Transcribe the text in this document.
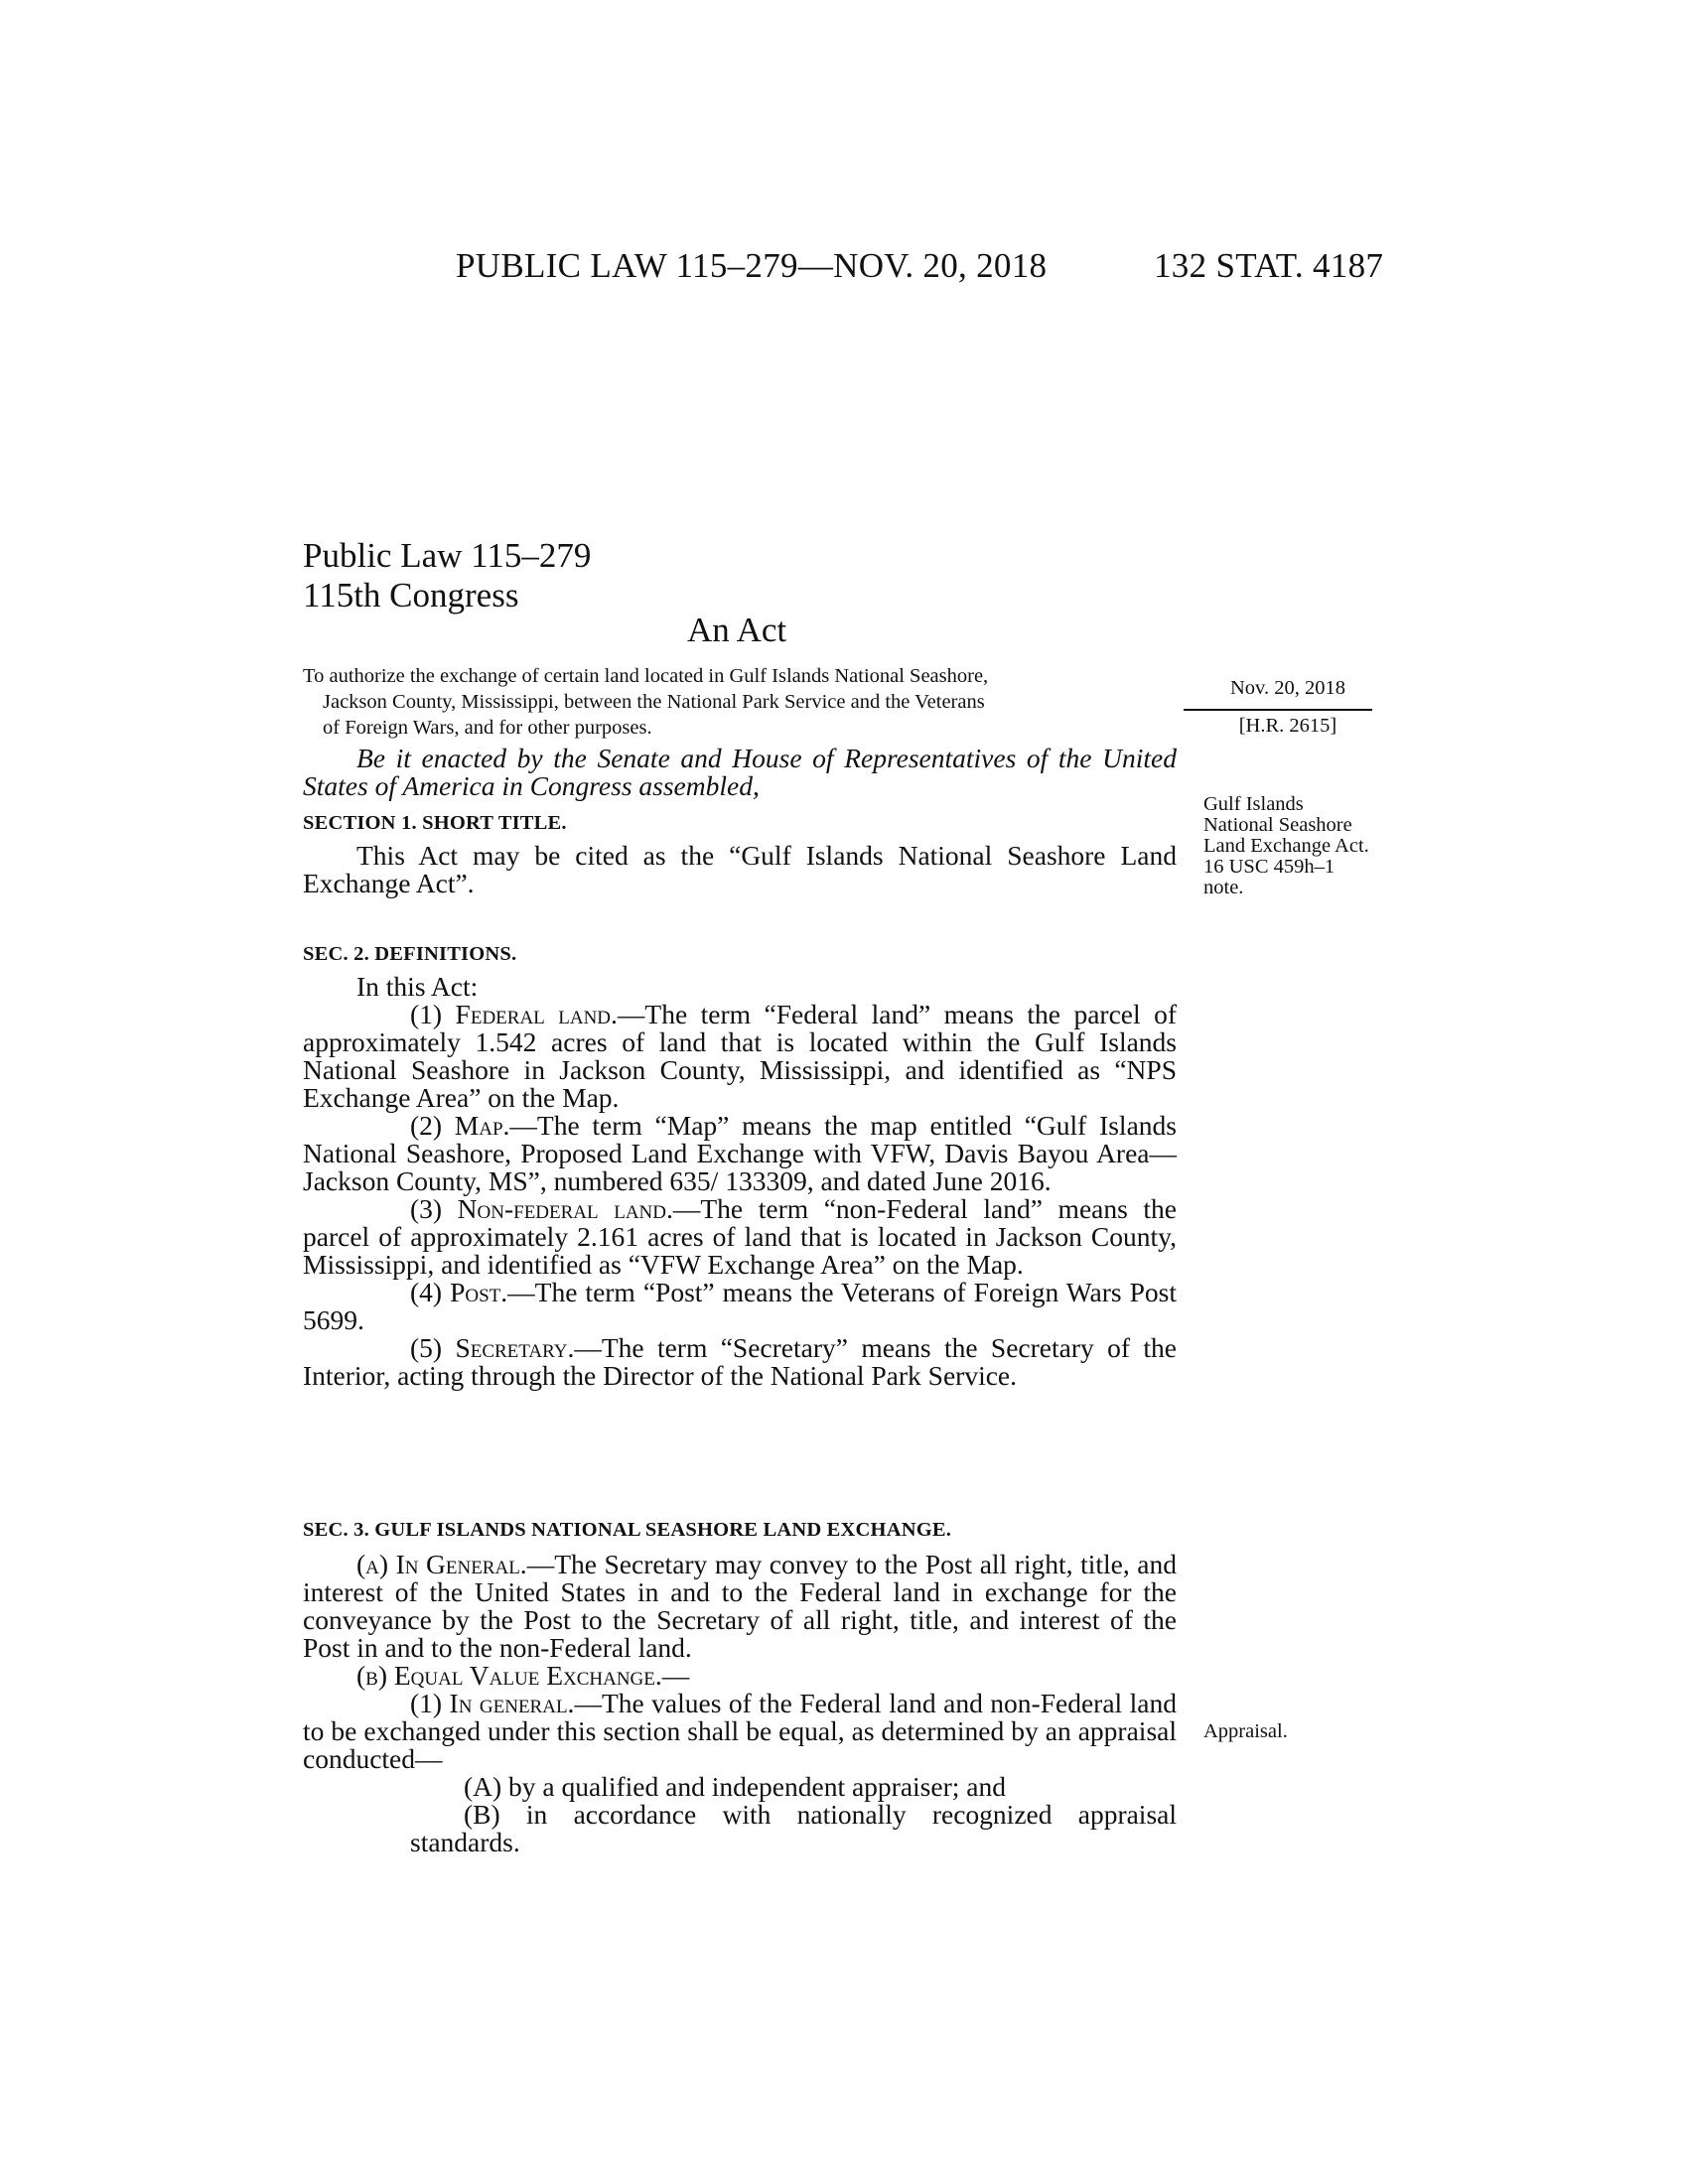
PUBLIC LAW 115–279—NOV. 20, 2018	132 STAT. 4187
Public Law 115–279
115th Congress
An Act
To authorize the exchange of certain land located in Gulf Islands National Seashore,
Jackson County, Mississippi, between the National Park Service and the Veterans
of Foreign Wars, and for other purposes.
Nov. 20, 2018
[H.R. 2615]
Gulf Islands National Seashore Land Exchange Act. 16 USC 459h–1 note.
Appraisal.

Be it enacted by the Senate and House of Representatives of the United States of America in Congress assembled,

SECTION 1. SHORT TITLE.

This Act may be cited as the “Gulf Islands National Seashore Land Exchange Act”.

SEC. 2. DEFINITIONS.

In this Act:

(1) Federal land.—The term “Federal land” means the parcel of approximately 1.542 acres of land that is located within the Gulf Islands National Seashore in Jackson County, Mississippi, and identified as “NPS Exchange Area” on the Map.

(2) Map.—The term “Map” means the map entitled “Gulf Islands National Seashore, Proposed Land Exchange with VFW, Davis Bayou Area—Jackson County, MS”, numbered 635/ 133309, and dated June 2016.

(3) Non-federal land.—The term “non-Federal land” means the parcel of approximately 2.161 acres of land that is located in Jackson County, Mississippi, and identified as “VFW Exchange Area” on the Map.

(4) Post.—The term “Post” means the Veterans of Foreign Wars Post 5699.

(5) Secretary.—The term “Secretary” means the Secretary of the Interior, acting through the Director of the National Park Service.

SEC. 3. GULF ISLANDS NATIONAL SEASHORE LAND EXCHANGE.

(a) In General.—The Secretary may convey to the Post all right, title, and interest of the United States in and to the Federal land in exchange for the conveyance by the Post to the Secretary of all right, title, and interest of the Post in and to the non-Federal land.

(b) Equal Value Exchange.—

(1) In general.—The values of the Federal land and non-Federal land to be exchanged under this section shall be equal, as determined by an appraisal conducted—

(A) by a qualified and independent appraiser; and

(B) in accordance with nationally recognized appraisal standards.
